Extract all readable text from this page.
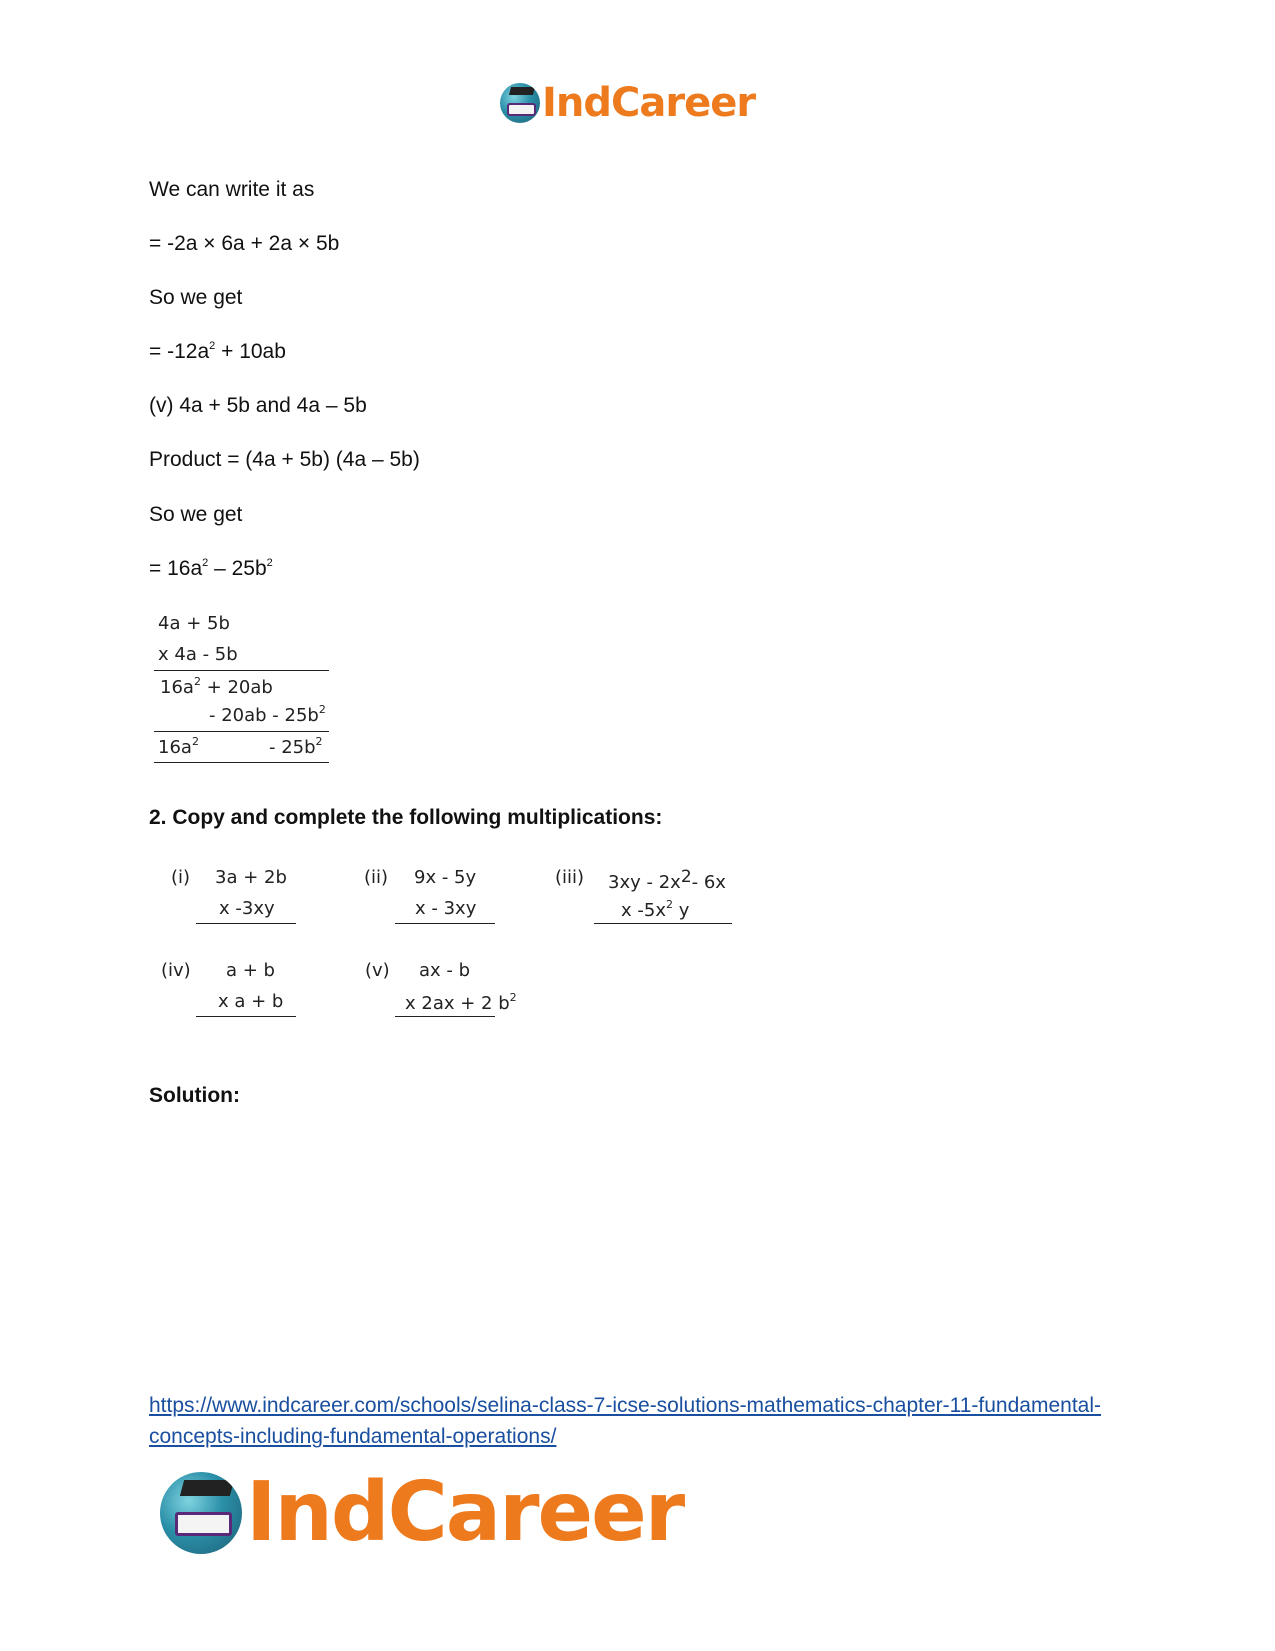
IndCareer
We can write it as
= -2a × 6a + 2a × 5b
So we get
= $-12a^2 + 10ab$
(v) 4a + 5b and 4a – 5b
Product = (4a + 5b) (4a – 5b)
So we get
= $16a^2 - 25b^2$
4a + 5b
x 4a - 5b
$16a^2 + 20ab$
- $20ab - 25b^2$
$16a^2$	- $25b^2$
2. Copy and complete the following multiplications:
(i) 3a + 2b
x -3xy
(ii) 9x - 5y
x - 3xy
(iii) $3xy - 2x^2-$ 6x
x $-5x^2$ y
(iv) a + b
x a + b
(v) ax - b
x 2ax + 2 $b^2$
Solution:
https://www.indcareer.com/schools/selina-class-7-icse-solutions-mathematics-chapter-11-fundamental-concepts-including-fundamental-operations/
IndCareer
